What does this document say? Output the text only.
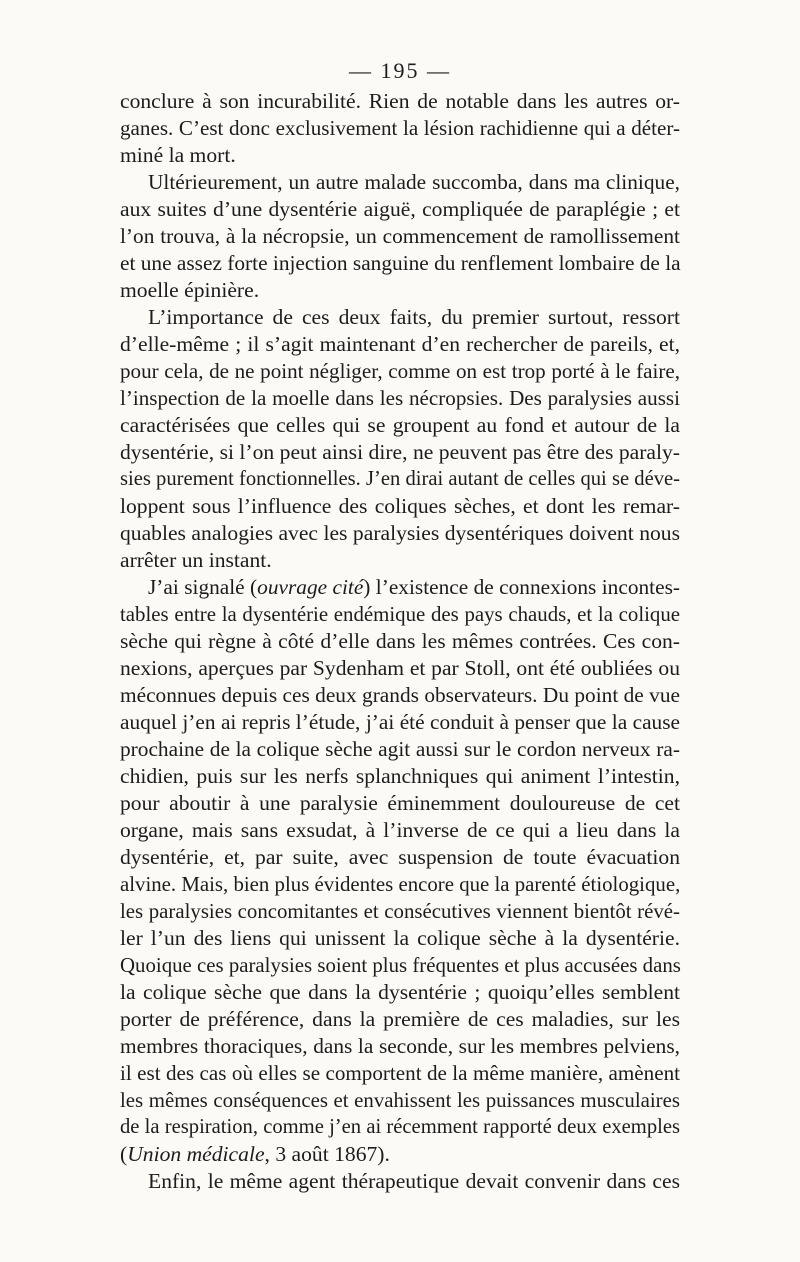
— 195 —
conclure à son incurabilité. Rien de notable dans les autres or-
ganes. C’est donc exclusivement la lésion rachidienne qui a déter-
miné la mort.
Ultérieurement, un autre malade succomba, dans ma clinique,
aux suites d’une dysentérie aiguë, compliquée de paraplégie ; et
l’on trouva, à la nécropsie, un commencement de ramollissement
et une assez forte injection sanguine du renflement lombaire de la
moelle épinière.
L’importance de ces deux faits, du premier surtout, ressort
d’elle-même ; il s’agit maintenant d’en rechercher de pareils, et,
pour cela, de ne point négliger, comme on est trop porté à le faire,
l’inspection de la moelle dans les nécropsies. Des paralysies aussi
caractérisées que celles qui se groupent au fond et autour de la
dysentérie, si l’on peut ainsi dire, ne peuvent pas être des paraly-
sies purement fonctionnelles. J’en dirai autant de celles qui se déve-
loppent sous l’influence des coliques sèches, et dont les remar-
quables analogies avec les paralysies dysentériques doivent nous
arrêter un instant.
J’ai signalé (ouvrage cité) l’existence de connexions incontes-
tables entre la dysentérie endémique des pays chauds, et la colique
sèche qui règne à côté d’elle dans les mêmes contrées. Ces con-
nexions, aperçues par Sydenham et par Stoll, ont été oubliées ou
méconnues depuis ces deux grands observateurs. Du point de vue
auquel j’en ai repris l’étude, j’ai été conduit à penser que la cause
prochaine de la colique sèche agit aussi sur le cordon nerveux ra-
chidien, puis sur les nerfs splanchniques qui animent l’intestin,
pour aboutir à une paralysie éminemment douloureuse de cet
organe, mais sans exsudat, à l’inverse de ce qui a lieu dans la
dysentérie, et, par suite, avec suspension de toute évacuation
alvine. Mais, bien plus évidentes encore que la parenté étiologique,
les paralysies concomitantes et consécutives viennent bientôt révé-
ler l’un des liens qui unissent la colique sèche à la dysentérie.
Quoique ces paralysies soient plus fréquentes et plus accusées dans
la colique sèche que dans la dysentérie ; quoiqu’elles semblent
porter de préférence, dans la première de ces maladies, sur les
membres thoraciques, dans la seconde, sur les membres pelviens,
il est des cas où elles se comportent de la même manière, amènent
les mêmes conséquences et envahissent les puissances musculaires
de la respiration, comme j’en ai récemment rapporté deux exemples
(Union médicale, 3 août 1867).
Enfin, le même agent thérapeutique devait convenir dans ces
